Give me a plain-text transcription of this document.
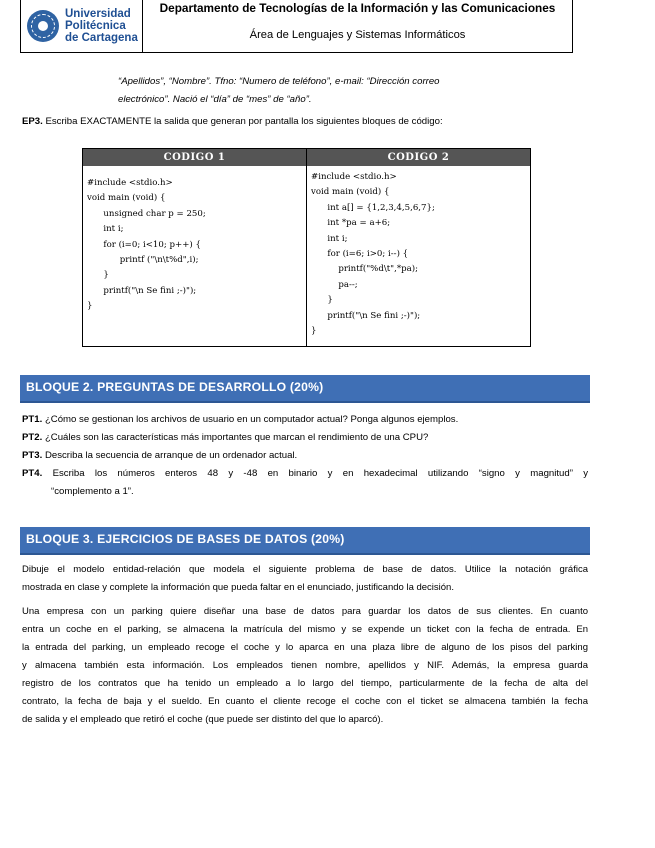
Universidad
Politécnica
de Cartagena
Departamento de Tecnologías de la Información y las Comunicaciones
Área de Lenguajes y Sistemas Informáticos
“Apellidos”, “Nombre”. Tfno: “Numero de teléfono”, e-mail: “Dirección correo
electrónico”. Nació el “día” de “mes” de “año”.
EP3. Escriba EXACTAMENTE la salida que generan por pantalla los siguientes bloques de código:
CODIGO 1
#include <stdio.h>
void main (void) {
unsigned char p = 250;
int i;
for (i=0; i<10; p++) {
printf ("\n\t%d",i);
}
printf("\n Se fini ;-)");
}
CODIGO 2
#include <stdio.h>
void main (void) {
int a[] = {1,2,3,4,5,6,7};
int *pa = a+6;
int i;
for (i=6; i>0; i--) {
printf("%d\t",*pa);
pa--;
}
printf("\n Se fini ;-)");
}
BLOQUE 2. PREGUNTAS DE DESARROLLO (20%)
PT1. ¿Cómo se gestionan los archivos de usuario en un computador actual? Ponga algunos ejemplos.
PT2. ¿Cuáles son las características más importantes que marcan el rendimiento de una CPU?
PT3. Describa la secuencia de arranque de un ordenador actual.
PT4. Escriba los números enteros 48 y -48 en binario y en hexadecimal utilizando “signo y magnitud” y
“complemento a 1”.
BLOQUE 3. EJERCICIOS DE BASES DE DATOS (20%)
Dibuje el modelo entidad-relación que modela el siguiente problema de base de datos. Utilice la notación gráfica
mostrada en clase y complete la información que pueda faltar en el enunciado, justificando la decisión.
Una empresa con un parking quiere diseñar una base de datos para guardar los datos de sus clientes. En cuanto
entra un coche en el parking, se almacena la matrícula del mismo y se expende un ticket con la fecha de entrada. En
la entrada del parking, un empleado recoge el coche y lo aparca en una plaza libre de alguno de los pisos del parking
y almacena también esta información. Los empleados tienen nombre, apellidos y NIF. Además, la empresa guarda
registro de los contratos que ha tenido un empleado a lo largo del tiempo, particularmente de la fecha de alta del
contrato, la fecha de baja y el sueldo. En cuanto el cliente recoge el coche con el ticket se almacena también la fecha
de salida y el empleado que retiró el coche (que puede ser distinto del que lo aparcó).
